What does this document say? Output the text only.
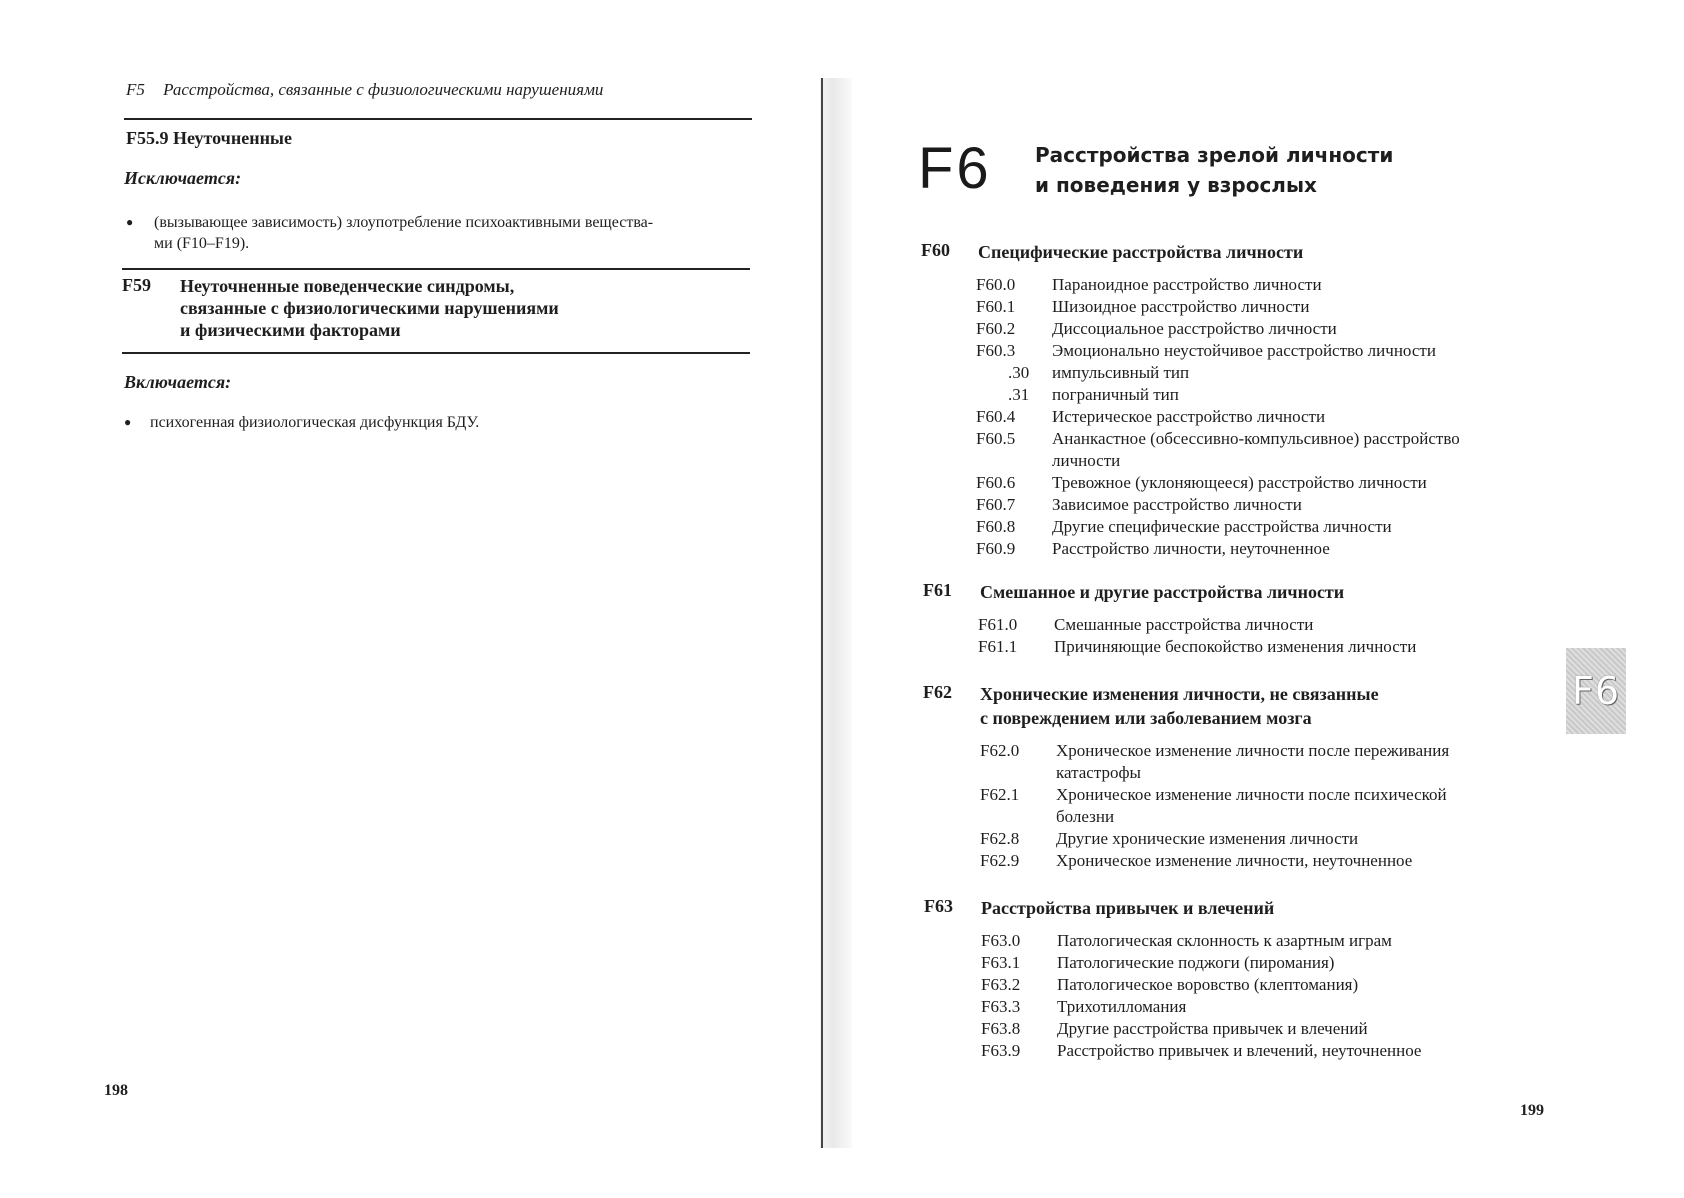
F5 Расстройства, связанные с физиологическими нарушениями
F55.9 Неуточненные
Исключается:
● (вызывающее зависимость) злоупотребление психоактивными вещества-
ми (F10–F19).
F59 Неуточненные поведенческие синдромы,
связанные с физиологическими нарушениями
и физическими факторами
Включается:
● психогенная физиологическая дисфункция БДУ.
198
F6 Расстройства зрелой личности
и поведения у взрослых
F60 Специфические расстройства личности
F60.0 Параноидное расстройство личности
F60.1 Шизоидное расстройство личности
F60.2 Диссоциальное расстройство личности
F60.3 Эмоционально неустойчивое расстройство личности
.30 импульсивный тип
.31 пограничный тип
F60.4 Истерическое расстройство личности
F60.5 Ананкастное (обсессивно-компульсивное) расстройство
личности
F60.6 Тревожное (уклоняющееся) расстройство личности
F60.7 Зависимое расстройство личности
F60.8 Другие специфические расстройства личности
F60.9 Расстройство личности, неуточненное
F61 Смешанное и другие расстройства личности
F61.0 Смешанные расстройства личности
F61.1 Причиняющие беспокойство изменения личности
F62 Хронические изменения личности, не связанные
с повреждением или заболеванием мозга
F62.0 Хроническое изменение личности после переживания
катастрофы
F62.1 Хроническое изменение личности после психической
болезни
F62.8 Другие хронические изменения личности
F62.9 Хроническое изменение личности, неуточненное
F63 Расстройства привычек и влечений
F63.0 Патологическая склонность к азартным играм
F63.1 Патологические поджоги (пиромания)
F63.2 Патологическое воровство (клептомания)
F63.3 Трихотилломания
F63.8 Другие расстройства привычек и влечений
F63.9 Расстройство привычек и влечений, неуточненное
F6
199
